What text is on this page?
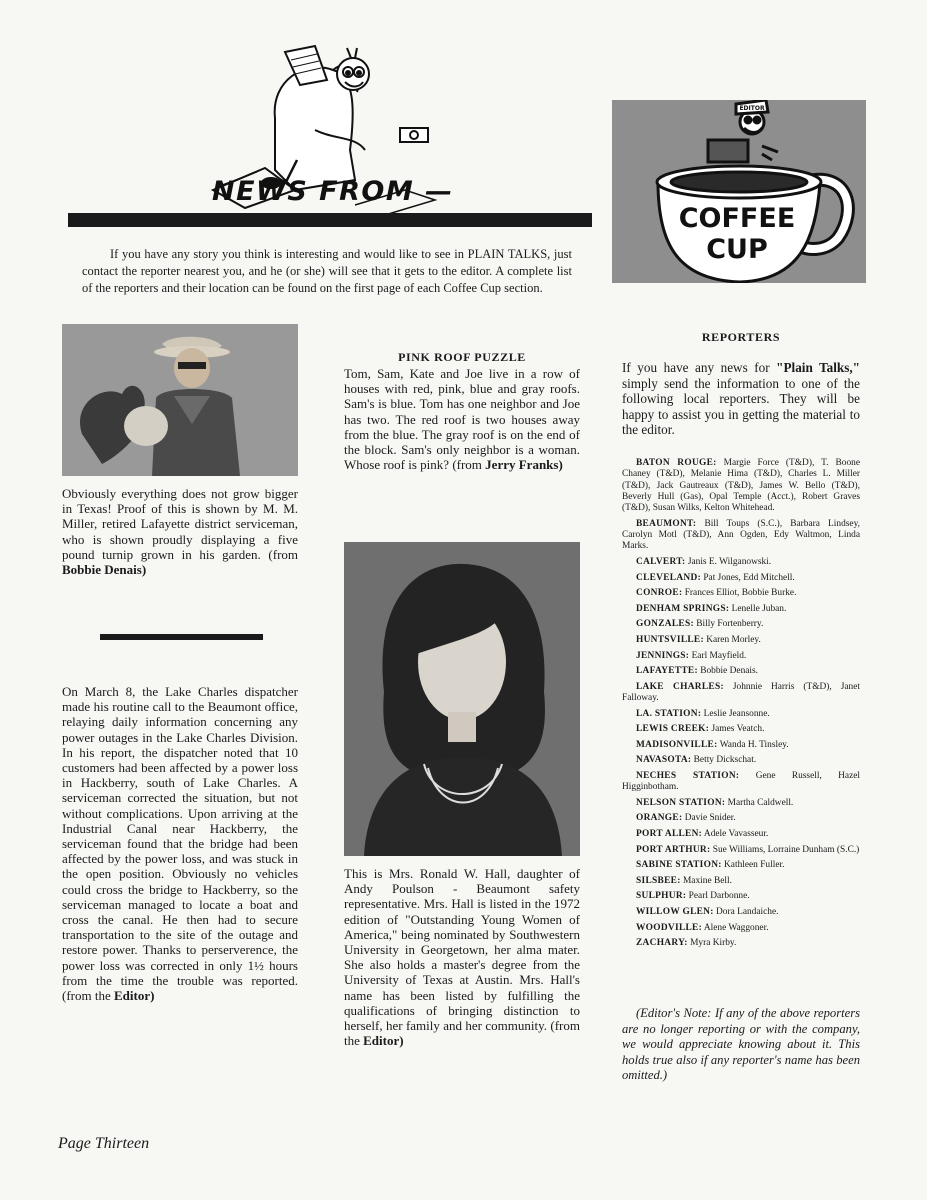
NEWS FROM —

If you have any story you think is interesting and would like to see in PLAIN TALKS, just contact the reporter nearest you, and he (or she) will see that it gets to the editor. A complete list of the reporters and their location can be found on the first page of each Coffee Cup section.

EDITOR
COFFEE
CUP

Obviously everything does not grow bigger in Texas! Proof of this is shown by M. M. Miller, retired Lafayette district serviceman, who is shown proudly displaying a five pound turnip grown in his garden. (from Bobbie Denais)

On March 8, the Lake Charles dispatcher made his routine call to the Beaumont office, relaying daily information concerning any power outages in the Lake Charles Division. In his report, the dispatcher noted that 10 customers had been affected by a power loss in Hackberry, south of Lake Charles. A serviceman corrected the situation, but not without complications. Upon arriving at the Industrial Canal near Hackberry, the serviceman found that the bridge had been affected by the power loss, and was stuck in the open position. Obviously no vehicles could cross the bridge to Hackberry, so the serviceman managed to locate a boat and cross the canal. He then had to secure transportation to the site of the outage and restore power. Thanks to perserverence, the power loss was corrected in only 1½ hours from the time the trouble was reported. (from the Editor)

PINK ROOF PUZZLE

Tom, Sam, Kate and Joe live in a row of houses with red, pink, blue and gray roofs. Sam's is blue. Tom has one neighbor and Joe has two. The red roof is two houses away from the blue. The gray roof is on the end of the block. Sam's only neighbor is a woman. Whose roof is pink? (from Jerry Franks)

This is Mrs. Ronald W. Hall, daughter of Andy Poulson - Beaumont safety representative. Mrs. Hall is listed in the 1972 edition of "Outstanding Young Women of America," being nominated by Southwestern University in Georgetown, her alma mater. She also holds a master's degree from the University of Texas at Austin. Mrs. Hall's name has been listed by fulfilling the qualifications of bringing distinction to herself, her family and her community. (from the Editor)

REPORTERS

If you have any news for "Plain Talks," simply send the information to one of the following local reporters. They will be happy to assist you in getting the material to the editor.

BATON ROUGE: Margie Force (T&D), T. Boone Chaney (T&D), Melanie Hima (T&D), Charles L. Miller (T&D), Jack Gautreaux (T&D), James W. Bello (T&D), Beverly Hull (Gas), Opal Temple (Acct.), Robert Graves (T&D), Susan Wilks, Kelton Whitehead.
BEAUMONT: Bill Toups (S.C.), Barbara Lindsey, Carolyn Motl (T&D), Ann Ogden, Edy Waltmon, Linda Marks.
CALVERT: Janis E. Wilganowski.
CLEVELAND: Pat Jones, Edd Mitchell.
CONROE: Frances Elliot, Bobbie Burke.
DENHAM SPRINGS: Lenelle Juban.
GONZALES: Billy Fortenberry.
HUNTSVILLE: Karen Morley.
JENNINGS: Earl Mayfield.
LAFAYETTE: Bobbie Denais.
LAKE CHARLES: Johnnie Harris (T&D), Janet Falloway.
LA. STATION: Leslie Jeansonne.
LEWIS CREEK: James Veatch.
MADISONVILLE: Wanda H. Tinsley.
NAVASOTA: Betty Dickschat.
NECHES STATION: Gene Russell, Hazel Higginbotham.
NELSON STATION: Martha Caldwell.
ORANGE: Davie Snider.
PORT ALLEN: Adele Vavasseur.
PORT ARTHUR: Sue Williams, Lorraine Dunham (S.C.)
SABINE STATION: Kathleen Fuller.
SILSBEE: Maxine Bell.
SULPHUR: Pearl Darbonne.
WILLOW GLEN: Dora Landaiche.
WOODVILLE: Alene Waggoner.
ZACHARY: Myra Kirby.

(Editor's Note: If any of the above reporters are no longer reporting or with the company, we would appreciate knowing about it. This holds true also if any reporter's name has been omitted.)

Page Thirteen
